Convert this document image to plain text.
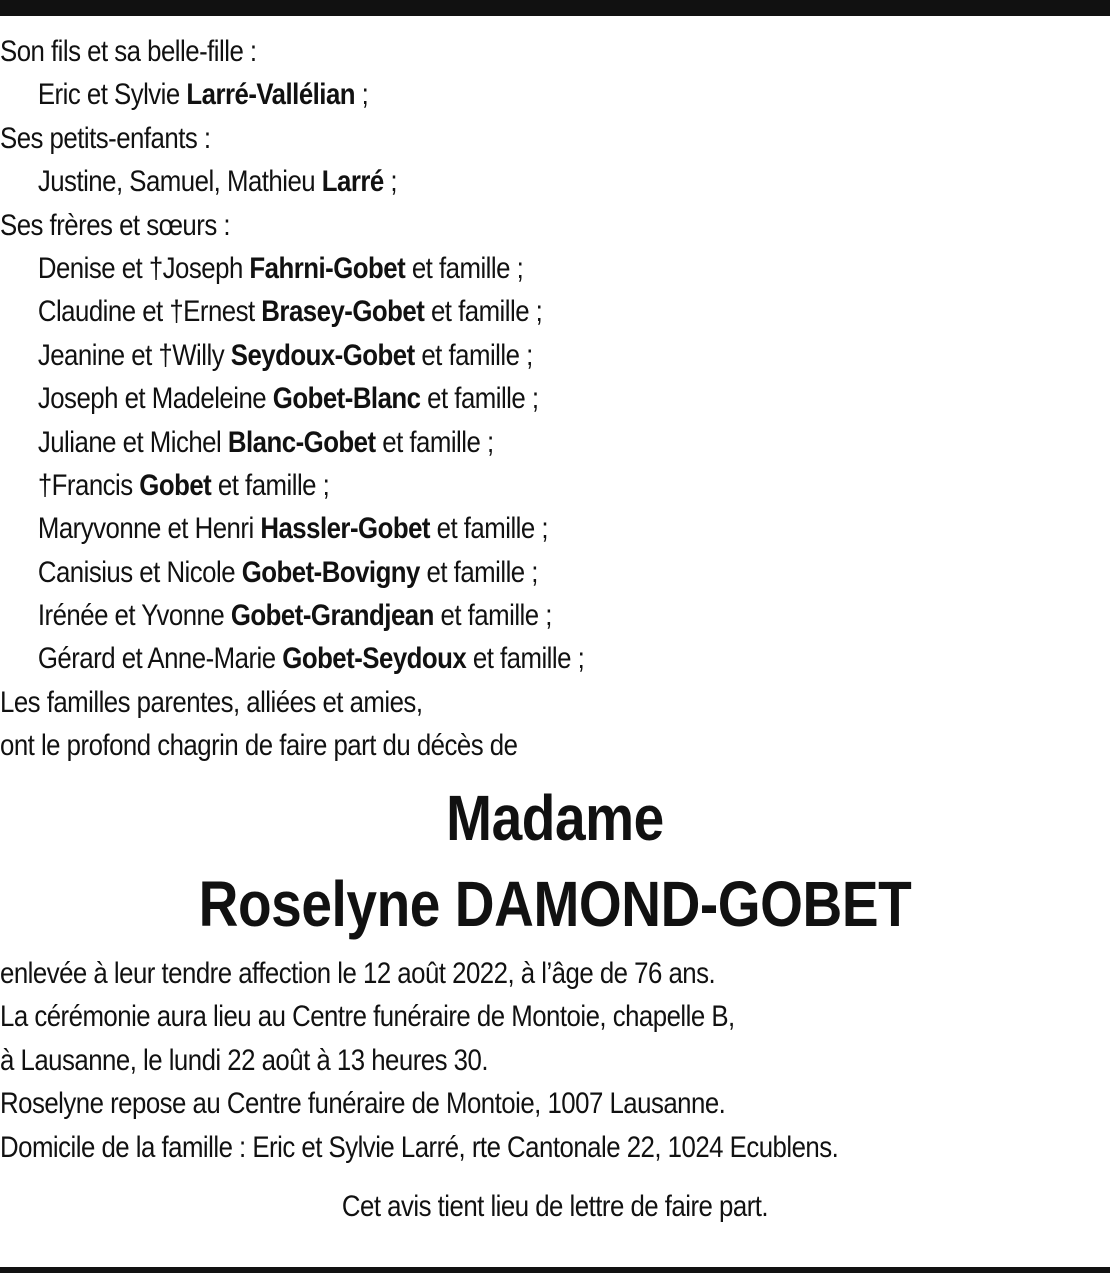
Son fils et sa belle-fille :
Eric et Sylvie Larré-Vallélian ;
Ses petits-enfants :
Justine, Samuel, Mathieu Larré ;
Ses frères et sœurs :
Denise et †Joseph Fahrni-Gobet et famille ;
Claudine et †Ernest Brasey-Gobet et famille ;
Jeanine et †Willy Seydoux-Gobet et famille ;
Joseph et Madeleine Gobet-Blanc et famille ;
Juliane et Michel Blanc-Gobet et famille ;
†Francis Gobet et famille ;
Maryvonne et Henri Hassler-Gobet et famille ;
Canisius et Nicole Gobet-Bovigny et famille ;
Irénée et Yvonne Gobet-Grandjean et famille ;
Gérard et Anne-Marie Gobet-Seydoux et famille ;
Les familles parentes, alliées et amies,
ont le profond chagrin de faire part du décès de
Madame
Roselyne DAMOND-GOBET
enlevée à leur tendre affection le 12 août 2022, à l’âge de 76 ans.
La cérémonie aura lieu au Centre funéraire de Montoie, chapelle B,
à Lausanne, le lundi 22 août à 13 heures 30.
Roselyne repose au Centre funéraire de Montoie, 1007 Lausanne.
Domicile de la famille : Eric et Sylvie Larré, rte Cantonale 22, 1024 Ecublens.
Cet avis tient lieu de lettre de faire part.
